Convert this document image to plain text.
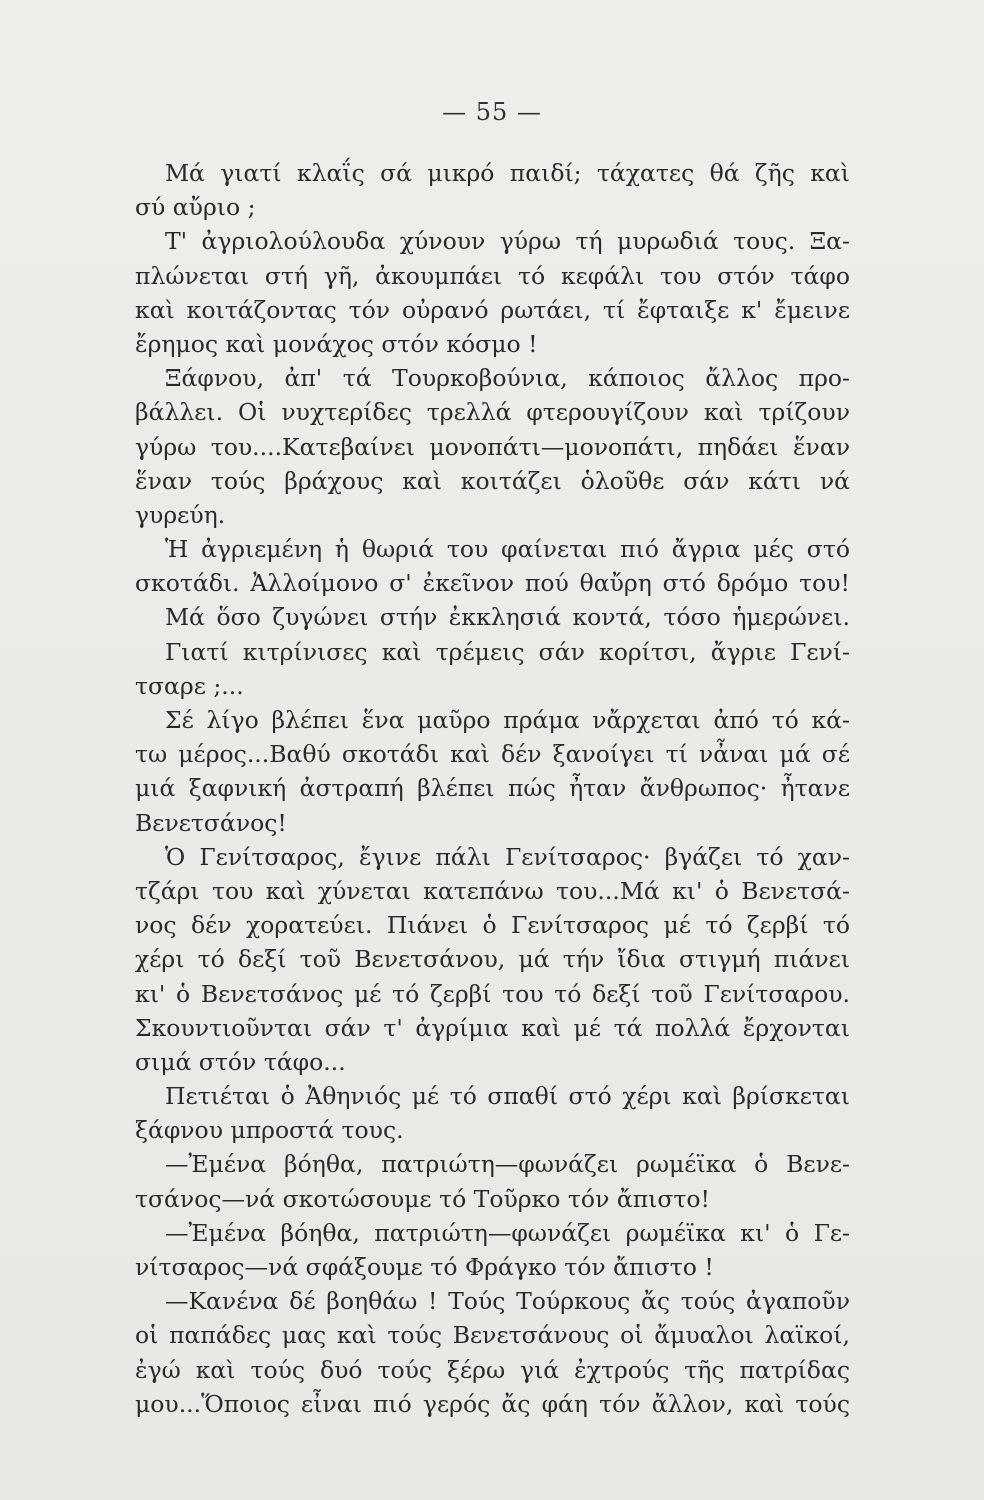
— 55 —
Μά γιατί κλαΐς σά μικρό παιδί; τάχατες θά ζῆς καὶ
σύ αὔριο ;
Τ' ἀγριολούλουδα χύνουν γύρω τή μυρωδιά τους. Ξα-
πλώνεται στή γῆ, ἀκουμπάει τό κεφάλι του στόν τάφο
καὶ κοιτάζοντας τόν οὐρανό ρωτάει, τί ἔφταιξε κ' ἔμεινε
ἔρημος καὶ μονάχος στόν κόσμο !
Ξάφνου, ἀπ' τά Τουρκοβούνια, κάποιος ἄλλος προ-
βάλλει. Οἱ νυχτερίδες τρελλά φτερουγίζουν καὶ τρίζουν
γύρω του....Κατεβαίνει μονοπάτι—μονοπάτι, πηδάει ἕναν
ἕναν τούς βράχους καὶ κοιτάζει ὁλοῦθε σάν κάτι νά
γυρεύη.
Ἡ ἀγριεμένη ἡ θωριά του φαίνεται πιό ἄγρια μές στό
σκοτάδι. Ἀλλοίμονο σ' ἐκεῖνον πού θαὔρη στό δρόμο του!
Μά ὅσο ζυγώνει στήν ἐκκλησιά κοντά, τόσο ἡμερώνει.
Γιατί κιτρίνισες καὶ τρέμεις σάν κορίτσι, ἄγριε Γενί-
τσαρε ;...
Σέ λίγο βλέπει ἕνα μαῦρο πράμα νἄρχεται ἀπό τό κά-
τω μέρος...Βαθύ σκοτάδι καὶ δέν ξανοίγει τί νἆναι μά σέ
μιά ξαφνική ἀστραπή βλέπει πώς ἦταν ἄνθρωπος· ἦτανε
Βενετσάνος!
Ὁ Γενίτσαρος, ἔγινε πάλι Γενίτσαρος· βγάζει τό χαν-
τζάρι του καὶ χύνεται κατεπάνω του...Μά κι' ὁ Βενετσά-
νος δέν χορατεύει. Πιάνει ὁ Γενίτσαρος μέ τό ζερβί τό
χέρι τό δεξί τοῦ Βενετσάνου, μά τήν ἴδια στιγμή πιάνει
κι' ὁ Βενετσάνος μέ τό ζερβί του τό δεξί τοῦ Γενίτσαρου.
Σκουντιοῦνται σάν τ' ἀγρίμια καὶ μέ τά πολλά ἔρχονται
σιμά στόν τάφο...
Πετιέται ὁ Ἀθηνιός μέ τό σπαθί στό χέρι καὶ βρίσκεται
ξάφνου μπροστά τους.
—Ἐμένα βόηθα, πατριώτη—φωνάζει ρωμέϊκα ὁ Βενε-
τσάνος—νά σκοτώσουμε τό Τοῦρκο τόν ἄπιστο!
—Ἐμένα βόηθα, πατριώτη—φωνάζει ρωμέϊκα κι' ὁ Γε-
νίτσαρος—νά σφάξουμε τό Φράγκο τόν ἄπιστο !
—Κανένα δέ βοηθάω ! Τούς Τούρκους ἄς τούς ἀγαποῦν
οἱ παπάδες μας καὶ τούς Βενετσάνους οἱ ἄμυαλοι λαϊκοί,
ἐγώ καὶ τούς δυό τούς ξέρω γιά ἐχτρούς τῆς πατρίδας
μου...Ὅποιος εἶναι πιό γερός ἄς φάη τόν ἄλλον, καὶ τούς
